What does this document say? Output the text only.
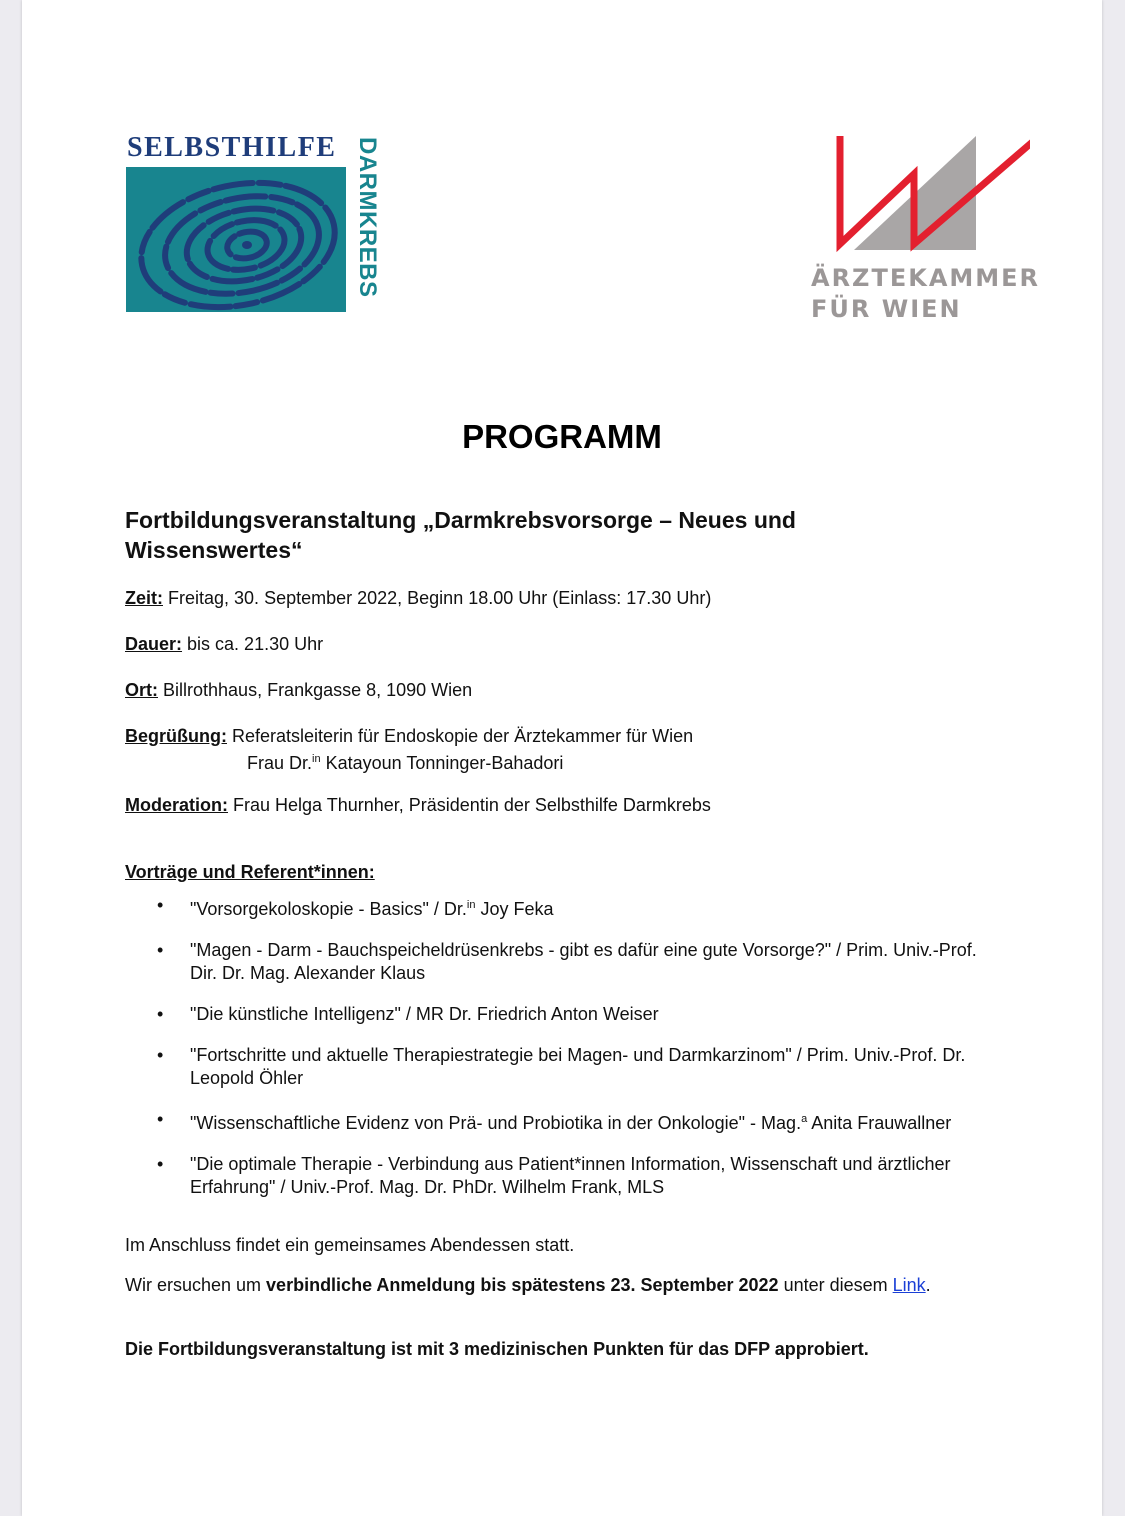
SELBSTHILFE DARMKREBS	ÄRZTEKAMMER
FÜR WIEN
PROGRAMM
Fortbildungsveranstaltung „Darmkrebsvorsorge – Neues und Wissenswertes“
Zeit: Freitag, 30. September 2022, Beginn 18.00 Uhr (Einlass: 17.30 Uhr)
Dauer: bis ca. 21.30 Uhr
Ort: Billrothhaus, Frankgasse 8, 1090 Wien
Begrüßung: Referatsleiterin für Endoskopie der Ärztekammer für Wien
Frau Dr.$^{in}$ Katayoun Tonninger-Bahadori
Moderation: Frau Helga Thurnher, Präsidentin der Selbsthilfe Darmkrebs
Vorträge und Referent*innen:
• "Vorsorgekoloskopie - Basics" / Dr.$^{in}$ Joy Feka
• "Magen - Darm - Bauchspeicheldrüsenkrebs - gibt es dafür eine gute Vorsorge?" / Prim. Univ.-Prof. Dir. Dr. Mag. Alexander Klaus
• "Die künstliche Intelligenz" / MR Dr. Friedrich Anton Weiser
• "Fortschritte und aktuelle Therapiestrategie bei Magen- und Darmkarzinom" / Prim. Univ.-Prof. Dr. Leopold Öhler
• "Wissenschaftliche Evidenz von Prä- und Probiotika in der Onkologie" - Mag.$^a$ Anita Frauwallner
• "Die optimale Therapie - Verbindung aus Patient*innen Information, Wissenschaft und ärztlicher Erfahrung" / Univ.-Prof. Mag. Dr. PhDr. Wilhelm Frank, MLS
Im Anschluss findet ein gemeinsames Abendessen statt.
Wir ersuchen um verbindliche Anmeldung bis spätestens 23. September 2022 unter diesem Link.
Die Fortbildungsveranstaltung ist mit 3 medizinischen Punkten für das DFP approbiert.
